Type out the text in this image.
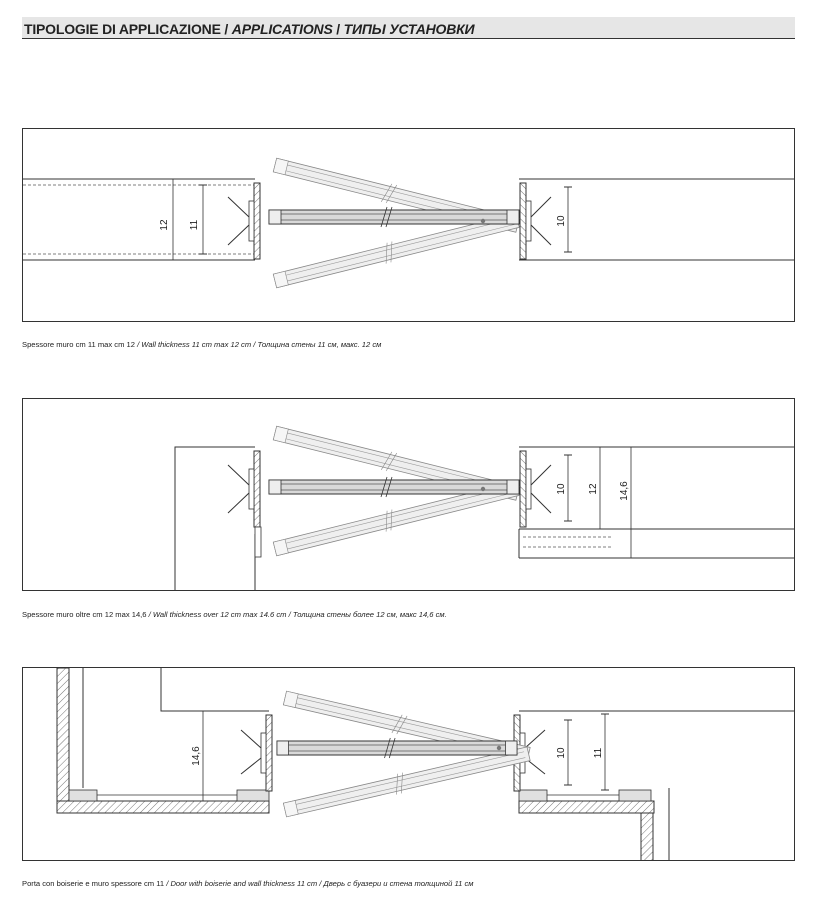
TIPOLOGIE DI APPLICAZIONE / APPLICATIONS / ТИПЫ УСТАНОВКИ
12 11	10
Spessore muro cm 11 max cm 12 / Wall thickness 11 cm max 12 cm / Толщина стены 11 см, макс. 12 см
10 12 14,6
Spessore muro oltre cm 12 max 14,6 / Wall thickness over 12 cm max 14.6 cm / Толщина стены более 12 см, макс 14,6 см.
14,6	10	11
Porta con boiserie e muro spessore cm 11 / Door with boiserie and wall thickness 11 cm / Дверь с буазери и стена толщиной 11 см
